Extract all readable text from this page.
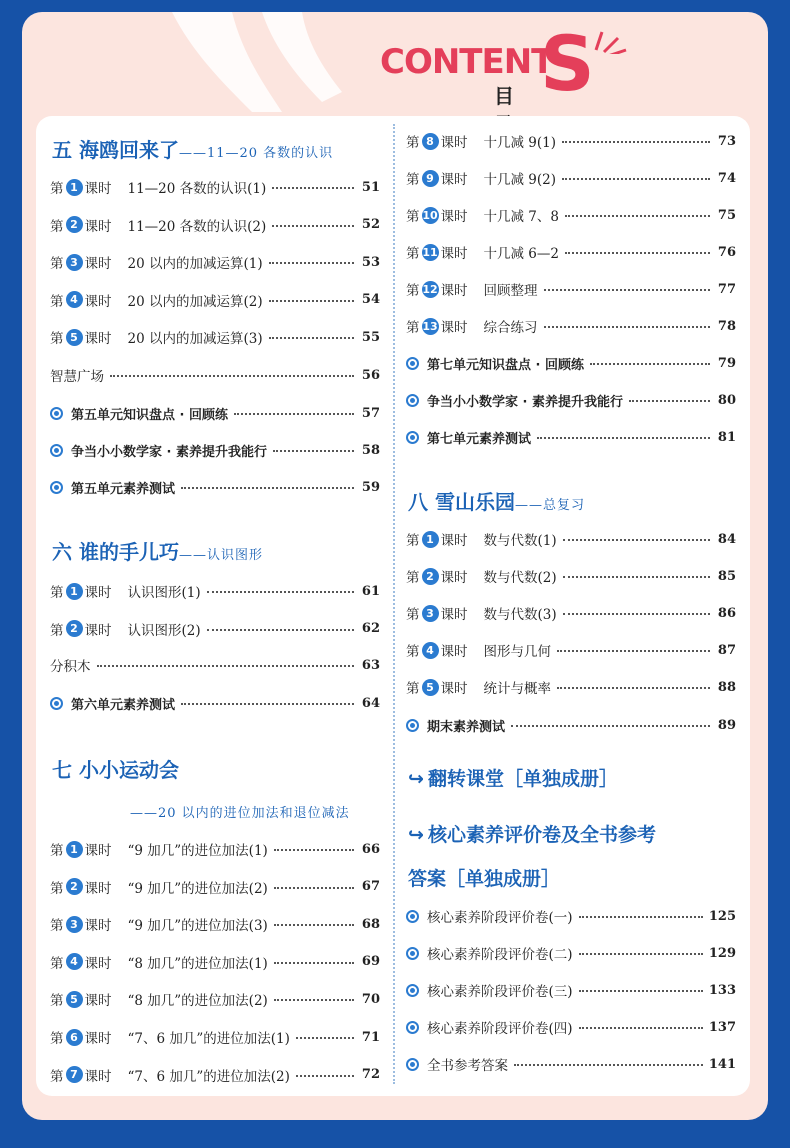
CONTENT
S
目
五 海鸥回来了——11—20 各数的认识
第 1 课时 11—20 各数的认识(1)	51
第 2 课时 11—20 各数的认识(2)	52
第 3 课时 20 以内的加减运算(1)	53
第 4 课时 20 以内的加减运算(2)	54
第 5 课时 20 以内的加减运算(3)	55
智慧广场	56
第五单元知识盘点 · 回顾练	57
争当小小数学家 · 素养提升我能行	58
第五单元素养测试	59
六 谁的手儿巧——认识图形
第 1 课时 认识图形(1)	61
第 2 课时 认识图形(2)	62
分积木	63
第六单元素养测试	64
七 小小运动会
——20 以内的进位加法和退位减法
第 1 课时 “9 加几”的进位加法(1)	66
第 2 课时 “9 加几”的进位加法(2)	67
第 3 课时 “9 加几”的进位加法(3)	68
第 4 课时 “8 加几”的进位加法(1)	69
第 5 课时 “8 加几”的进位加法(2)	70
第 6 课时 “7、6 加几”的进位加法(1)	71
第 7 课时 “7、6 加几”的进位加法(2)	72
第 8 课时 十几减 9(1)	73
第 9 课时 十几减 9(2)	74
第 10 课时 十几减 7、8	75
第 11 课时 十几减 6—2	76
第 12 课时 回顾整理	77
第 13 课时 综合练习	78
第七单元知识盘点 · 回顾练	79
争当小小数学家 · 素养提升我能行	80
第七单元素养测试	81
八 雪山乐园——总复习
第 1 课时 数与代数(1)	84
第 2 课时 数与代数(2)	85
第 3 课时 数与代数(3)	86
第 4 课时 图形与几何	87
第 5 课时 统计与概率	88
期末素养测试	89
↪ 翻转课堂［单独成册］
↪ 核心素养评价卷及全书参考
答案［单独成册］
核心素养阶段评价卷(一)	125
核心素养阶段评价卷(二)	129
核心素养阶段评价卷(三)	133
核心素养阶段评价卷(四)	137
全书参考答案	141
